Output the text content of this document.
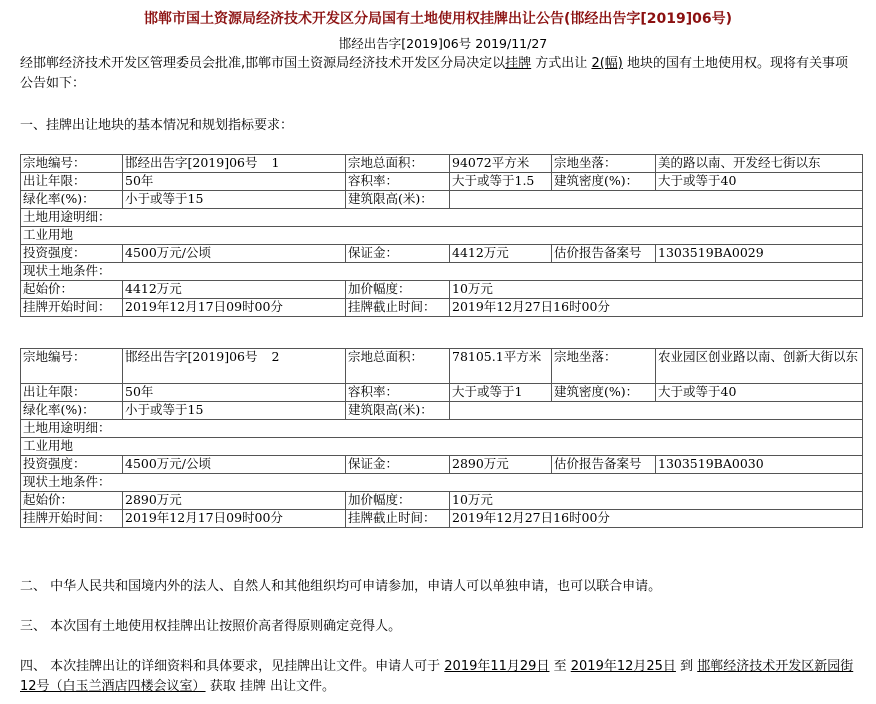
邯郸市国土资源局经济技术开发区分局国有土地使用权挂牌出让公告(邯经出告字[2019]06号)
邯经出告字[2019]06号 2019/11/27
经邯郸经济技术开发区管理委员会批准,邯郸市国土资源局经济技术开发区分局决定以挂牌 方式出让 2(幅) 地块的国有土地使用权。现将有关事项公告如下：
一、挂牌出让地块的基本情况和规划指标要求：
宗地编号：	邯经出告字[2019]06号 1	宗地总面积：	94072平方米	宗地坐落：	美的路以南、开发经七街以东
出让年限：	50年	容积率：	大于或等于1.5	建筑密度(%)：	大于或等于40
绿化率(%)：	小于或等于15	建筑限高(米)：			
土地用途明细：					
工业用地					
投资强度：	4500万元/公顷	保证金：	4412万元	估价报告备案号	1303519BA0029
现状土地条件：					
起始价：	4412万元	加价幅度：	10万元		
挂牌开始时间：	2019年12月17日09时00分	挂牌截止时间：	2019年12月27日16时00分		
宗地编号：	邯经出告字[2019]06号 2	宗地总面积：	78105.1平方米	宗地坐落：	农业园区创业路以南、创新大街以东
出让年限：	50年	容积率：	大于或等于1	建筑密度(%)：	大于或等于40
绿化率(%)：	小于或等于15	建筑限高(米)：			
土地用途明细：					
工业用地					
投资强度：	4500万元/公顷	保证金：	2890万元	估价报告备案号	1303519BA0030
现状土地条件：					
起始价：	2890万元	加价幅度：	10万元		
挂牌开始时间：	2019年12月17日09时00分	挂牌截止时间：	2019年12月27日16时00分		
二、 中华人民共和国境内外的法人、自然人和其他组织均可申请参加，申请人可以单独申请，也可以联合申请。
三、 本次国有土地使用权挂牌出让按照价高者得原则确定竞得人。
四、 本次挂牌出让的详细资料和具体要求，见挂牌出让文件。申请人可于 2019年11月29日 至 2019年12月25日 到 邯郸经济技术开发区新园街12号（白玉兰酒店四楼会议室） 获取 挂牌 出让文件。
